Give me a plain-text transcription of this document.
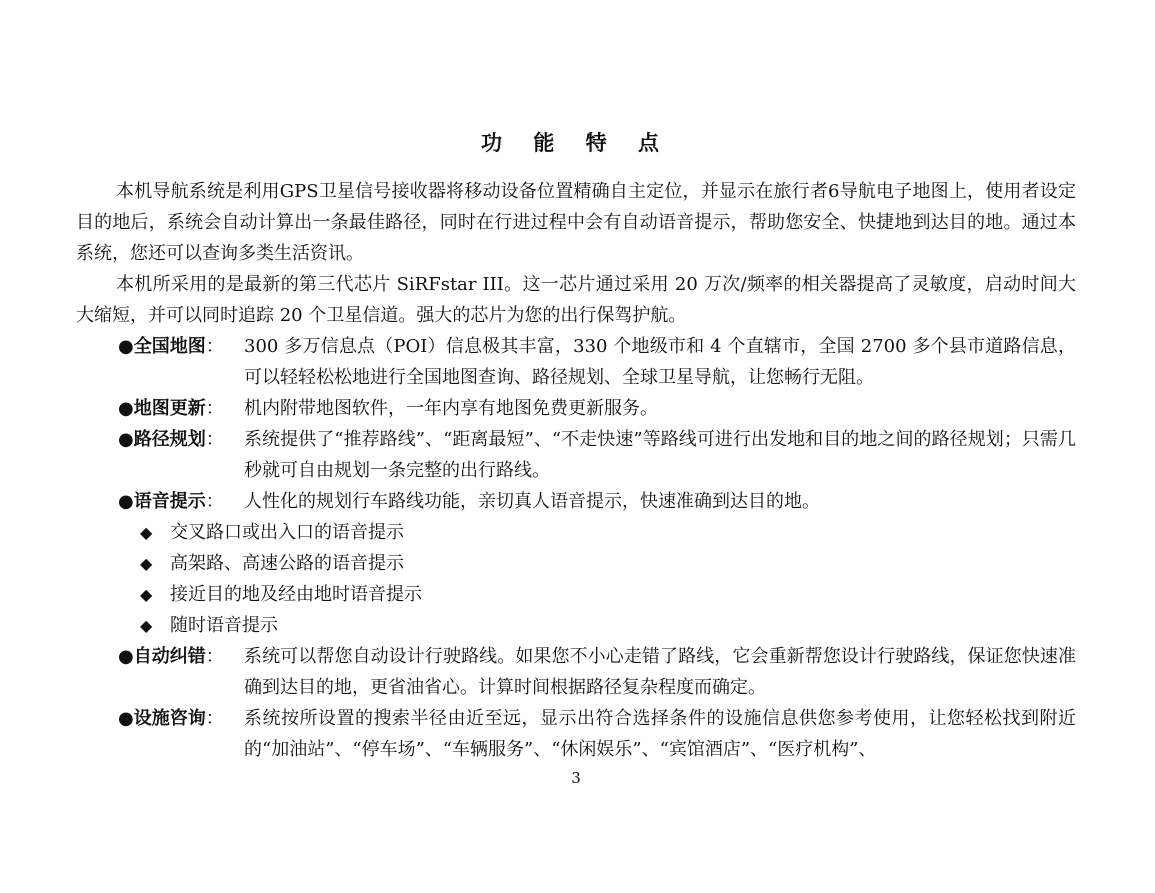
功 能 特 点

本机导航系统是利用GPS卫星信号接收器将移动设备位置精确自主定位，并显示在旅行者6导航电子地图上，使用者设定目的地后，系统会自动计算出一条最佳路径，同时在行进过程中会有自动语音提示，帮助您安全、快捷地到达目的地。通过本系统，您还可以查询多类生活资讯。

本机所采用的是最新的第三代芯片 SiRFstar III。这一芯片通过采用 20 万次/频率的相关器提高了灵敏度，启动时间大大缩短，并可以同时追踪 20 个卫星信道。强大的芯片为您的出行保驾护航。

●全国地图： 300 多万信息点（POI）信息极其丰富，330 个地级市和 4 个直辖市，全国 2700 多个县市道路信息，可以轻轻松松地进行全国地图查询、路径规划、全球卫星导航，让您畅行无阻。

●地图更新： 机内附带地图软件，一年内享有地图免费更新服务。

●路径规划： 系统提供了“推荐路线”、“距离最短”、“不走快速”等路线可进行出发地和目的地之间的路径规划；只需几秒就可自由规划一条完整的出行路线。

●语音提示： 人性化的规划行车路线功能，亲切真人语音提示，快速准确到达目的地。

◆ 交叉路口或出入口的语音提示
◆ 高架路、高速公路的语音提示
◆ 接近目的地及经由地时语音提示
◆ 随时语音提示

●自动纠错： 系统可以帮您自动设计行驶路线。如果您不小心走错了路线，它会重新帮您设计行驶路线，保证您快速准确到达目的地，更省油省心。计算时间根据路径复杂程度而确定。

●设施咨询： 系统按所设置的搜索半径由近至远，显示出符合选择条件的设施信息供您参考使用，让您轻松找到附近的“加油站”、“停车场”、“车辆服务”、“休闲娱乐”、“宾馆酒店”、“医疗机构”、

3
